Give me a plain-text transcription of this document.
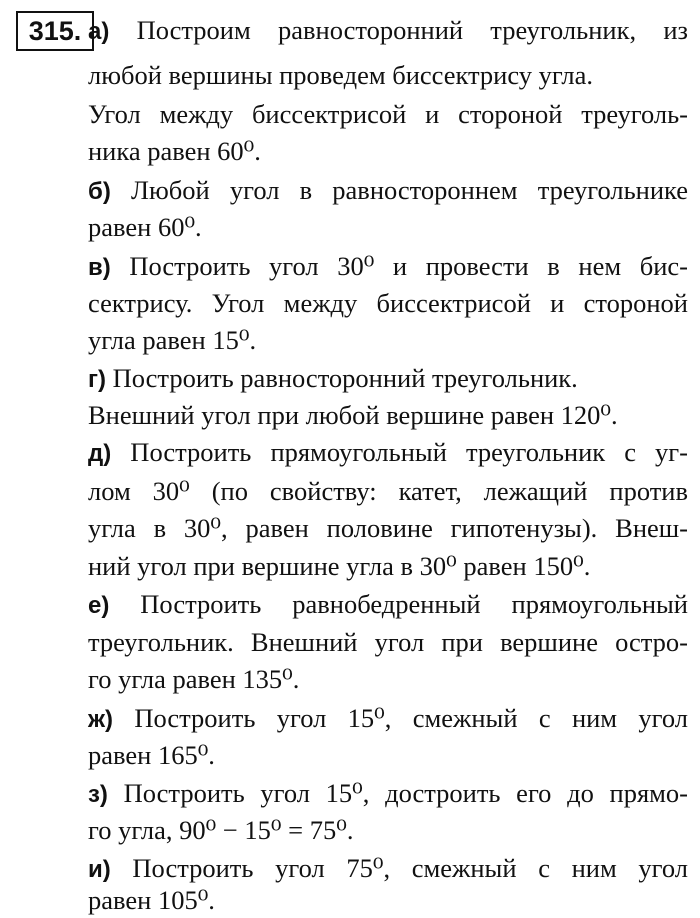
315. а) Построим равносторонний треугольник, из
любой вершины проведем биссектрису угла.
Угол между биссектрисой и стороной треуголь-
ника равен 60⁰.
б) Любой угол в равностороннем треугольнике
равен 60⁰.
в) Построить угол 30⁰ и провести в нем бис-
сектрису. Угол между биссектрисой и стороной
угла равен 15⁰.
г) Построить равносторонний треугольник.
Внешний угол при любой вершине равен 120⁰.
д) Построить прямоугольный треугольник с уг-
лом 30⁰ (по свойству: катет, лежащий против
угла в 30⁰, равен половине гипотенузы). Внеш-
ний угол при вершине угла в 30⁰ равен 150⁰.
е) Построить равнобедренный прямоугольный
треугольник. Внешний угол при вершине остро-
го угла равен 135⁰.
ж) Построить угол 15⁰, смежный с ним угол
равен 165⁰.
з) Построить угол 15⁰, достроить его до прямо-
го угла, 90⁰ − 15⁰ = 75⁰.
и) Построить угол 75⁰, смежный с ним угол
равен 105⁰.
